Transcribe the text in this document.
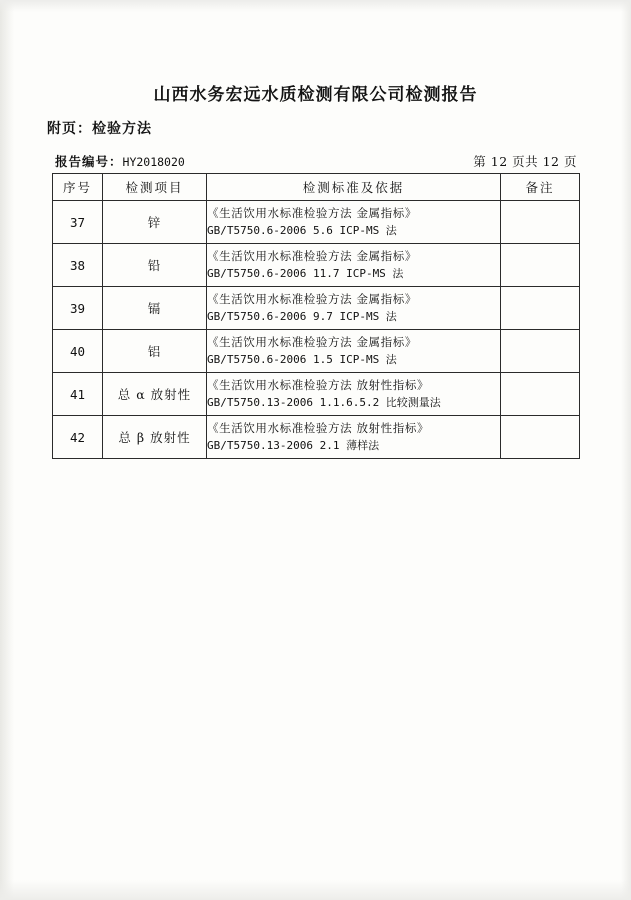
山西水务宏远水质检测有限公司检测报告
附页：检验方法
报告编号：HY2018020	第 12 页共 12 页
序号	检测项目	检测标准及依据	备注
37	锌	《生活饮用水标准检验方法 金属指标》
GB/T5750.6-2006 5.6 ICP-MS 法	

38	铅	《生活饮用水标准检验方法 金属指标》
GB/T5750.6-2006 11.7 ICP-MS 法	

39	镉	《生活饮用水标准检验方法 金属指标》
GB/T5750.6-2006 9.7 ICP-MS 法	

40	铝	《生活饮用水标准检验方法 金属指标》
GB/T5750.6-2006 1.5 ICP-MS 法	

41	总 α 放射性	《生活饮用水标准检验方法 放射性指标》
GB/T5750.13-2006 1.1.6.5.2 比较测量法	

42	总 β 放射性	《生活饮用水标准检验方法 放射性指标》
GB/T5750.13-2006 2.1 薄样法	
